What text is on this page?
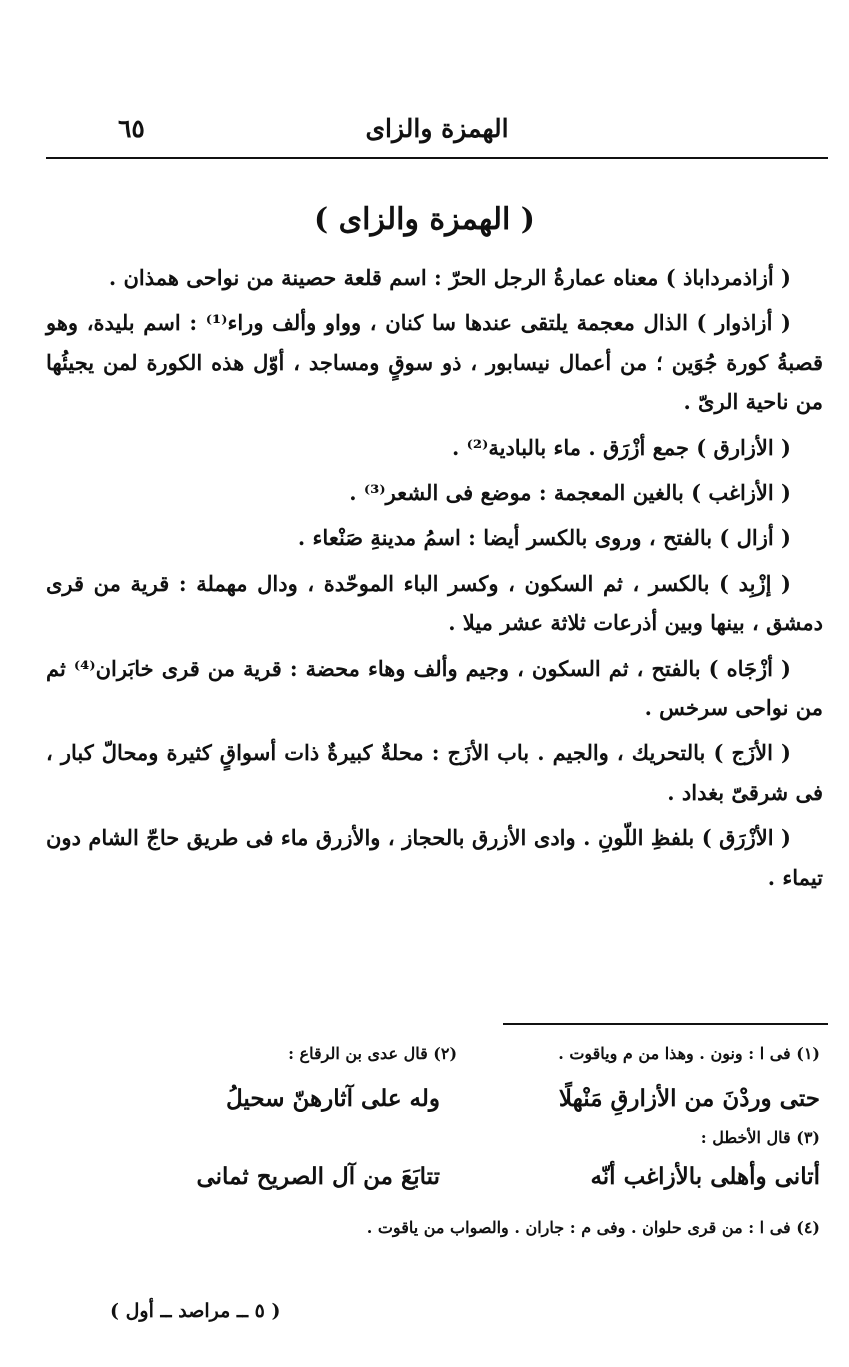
الهمزة والزاى
٦٥
( الهمزة والزاى )

( أزاذمرداباذ ) معناه عمارةُ الرجل الحرّ : اسم قلعة حصينة من نواحى همذان .

( أزاذوار ) الذال معجمة يلتقى عندها سا كنان ، وواو وألف وراء⁽¹⁾ : اسم بليدة، وهو قصبةُ كورة جُوَين ؛ من أعمال نيسابور ، ذو سوقٍ ومساجد ، أوّل هذه الكورة لمن يجيئُها من ناحية الرىّ .

( الأزارق ) جمع أزْرَق . ماء بالبادية⁽²⁾ .

( الأزاغب ) بالغين المعجمة : موضع فى الشعر⁽³⁾ .

( أزال ) بالفتح ، وروى بالكسر أيضا : اسمُ مدينةِ صَنْعاء .

( إزْبِد ) بالكسر ، ثم السكون ، وكسر الباء الموحّدة ، ودال مهملة : قرية من قرى دمشق ، بينها وبين أذرعات ثلاثة عشر ميلا .

( أزْجَاه ) بالفتح ، ثم السكون ، وجيم وألف وهاء محضة : قرية من قرى خابَران⁽⁴⁾ ثم من نواحى سرخس .

( الأزَج ) بالتحريك ، والجيم . باب الأزَج : محلةٌ كبيرةٌ ذات أسواقٍ كثيرة ومحالّ كبار ، فى شرقىّ بغداد .

( الأزْرَق ) بلفظِ اللّونِ . وادى الأزرق بالحجاز ، والأزرق ماء فى طريق حاجّ الشام دون تيماء .

(١) فى ا : ونون . وهذا من م وياقوت .  (٢) قال عدى بن الرقاع :
حتى وردْنَ من الأزارقِ مَنْهلًا
وله على آثارهنّ سحيلُ
(٣) قال الأخطل :
أتانى وأهلى بالأزاغب أنّه
تتابَعَ من آل الصريح ثمانى
(٤) فى ا : من قرى حلوان . وفى م : جاران . والصواب من ياقوت .
( ٥ ــ مراصد ــ أول )
